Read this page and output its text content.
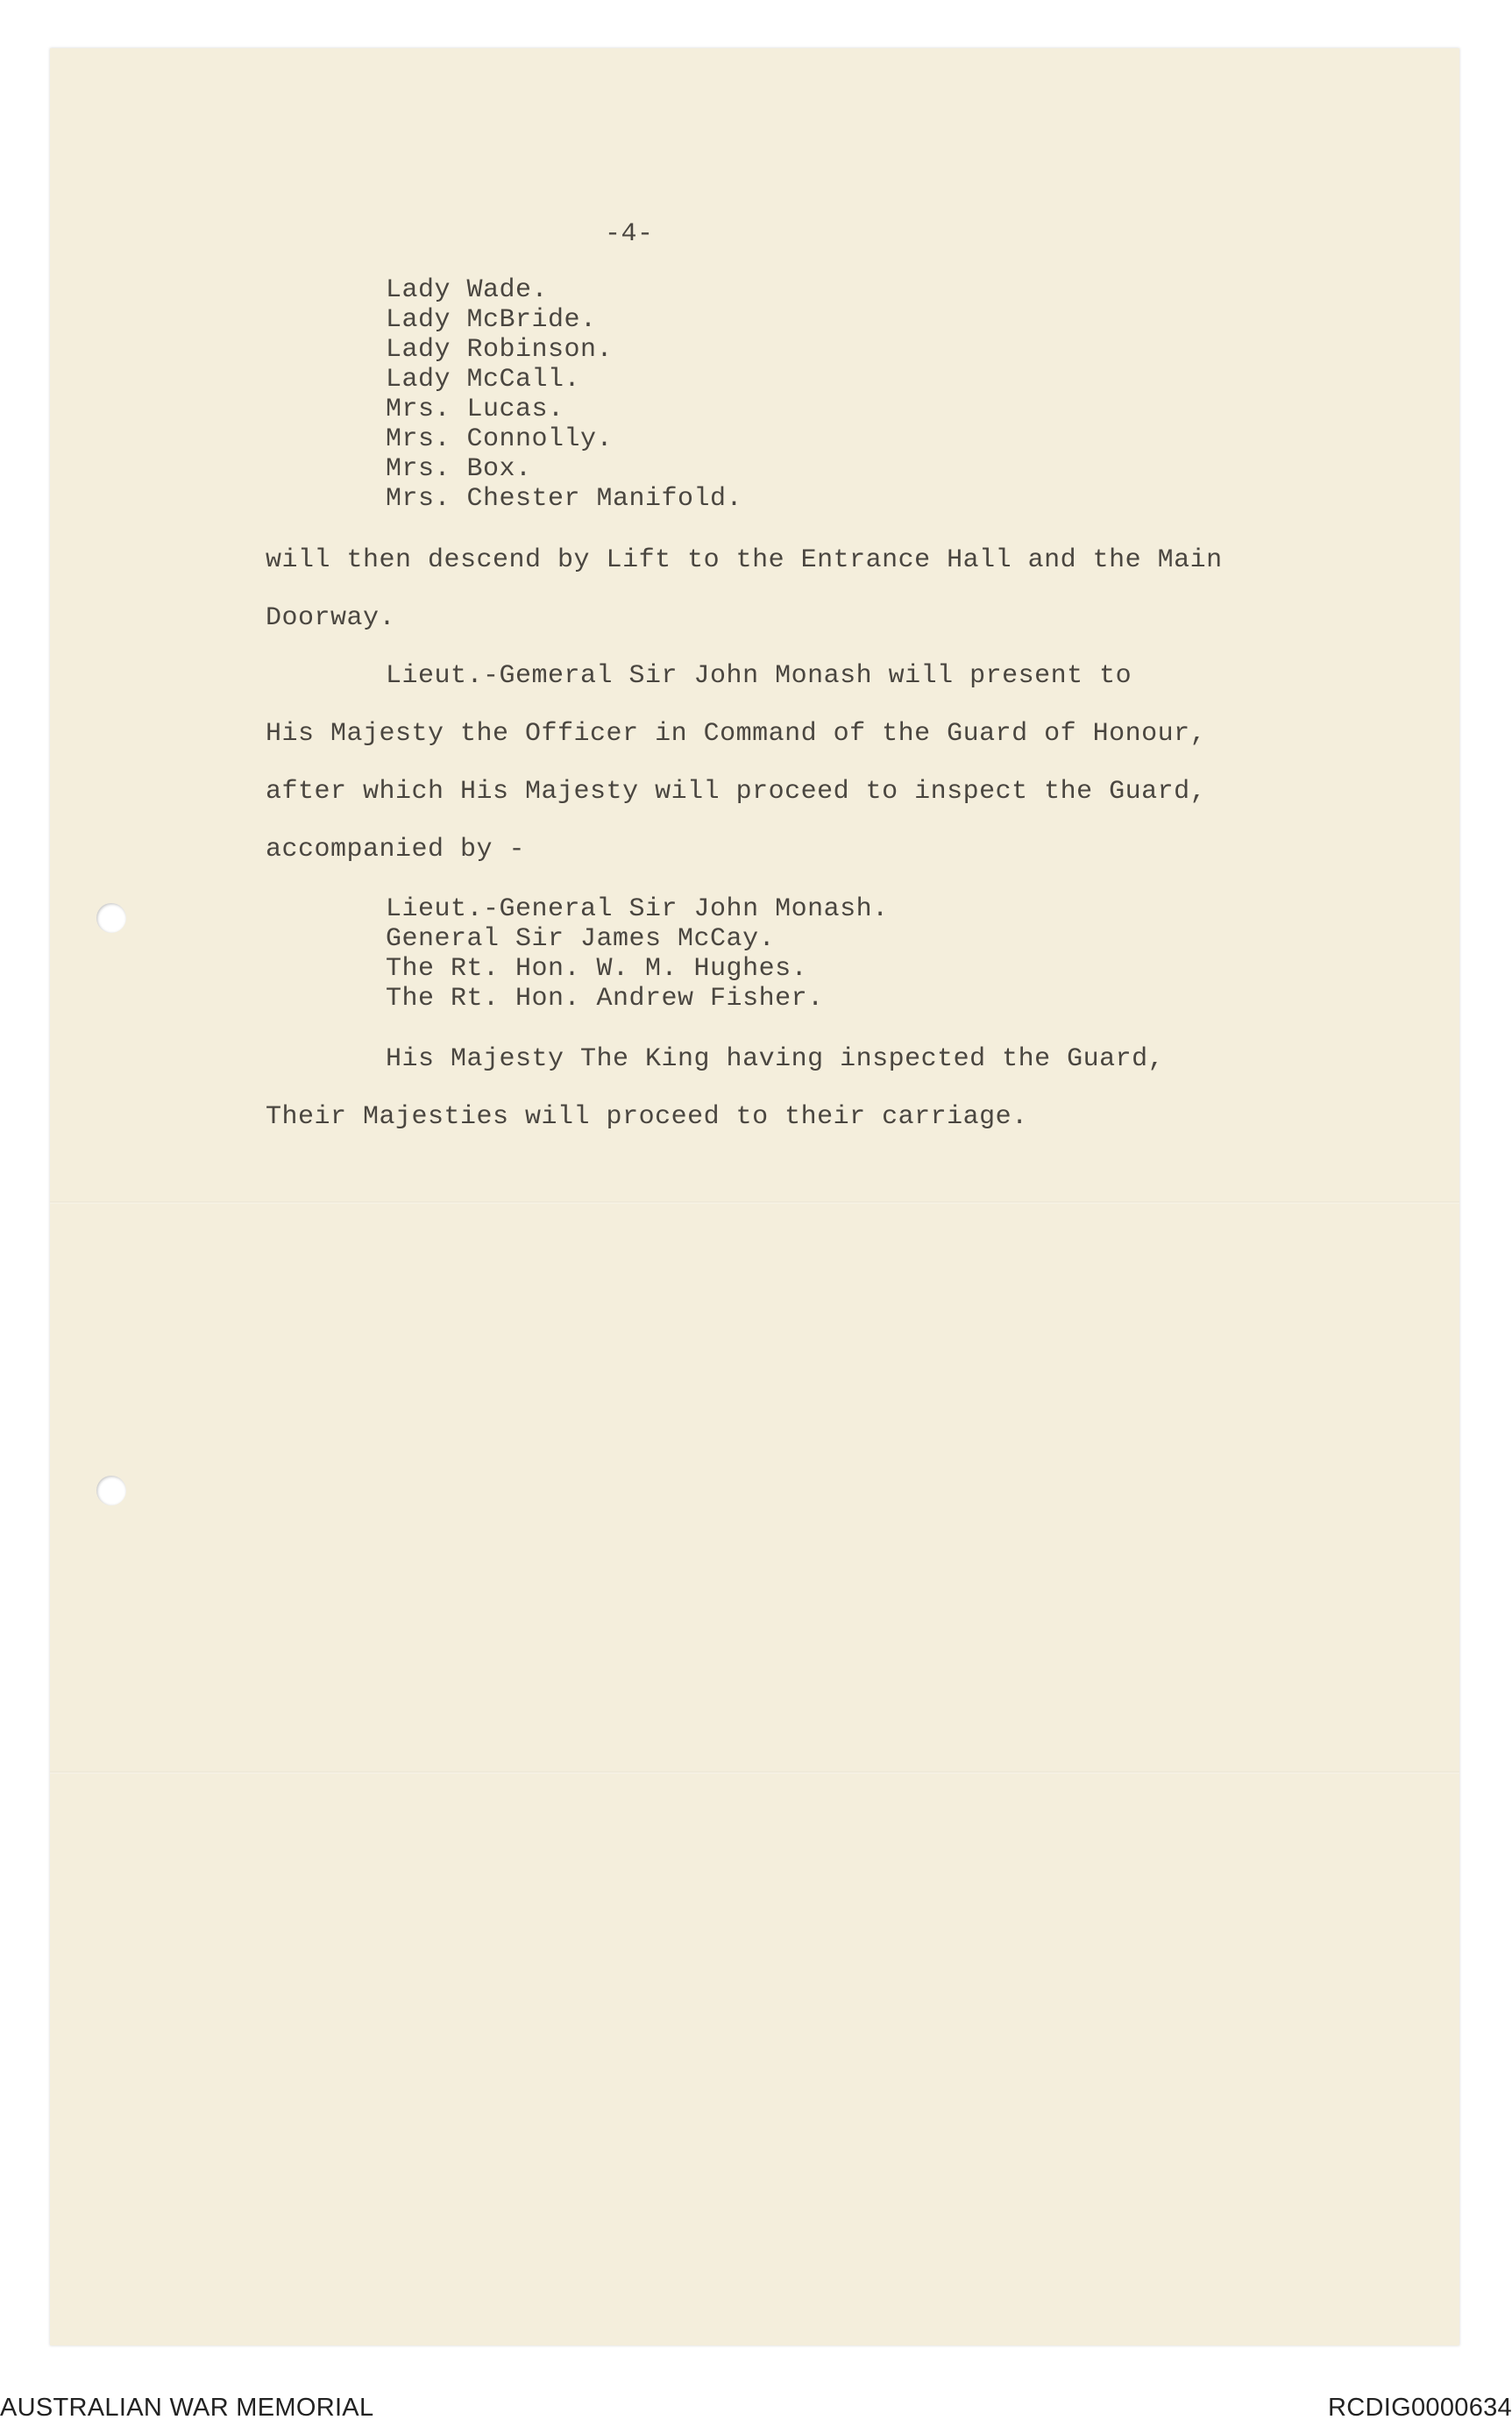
-4-
Lady Wade.
Lady McBride.
Lady Robinson.
Lady McCall.
Mrs. Lucas.
Mrs. Connolly.
Mrs. Box.
Mrs. Chester Manifold.

will then descend by Lift to the Entrance Hall and the Main

Doorway.

Lieut.-Gemeral Sir John Monash will present to

His Majesty the Officer in Command of the Guard of Honour,

after which His Majesty will proceed to inspect the Guard,

accompanied by -

Lieut.-General Sir John Monash.
General Sir James McCay.
The Rt. Hon. W. M. Hughes.
The Rt. Hon. Andrew Fisher.

His Majesty The King having inspected the Guard,

Their Majesties will proceed to their carriage.

AUSTRALIAN WAR MEMORIAL	RCDIG0000634
